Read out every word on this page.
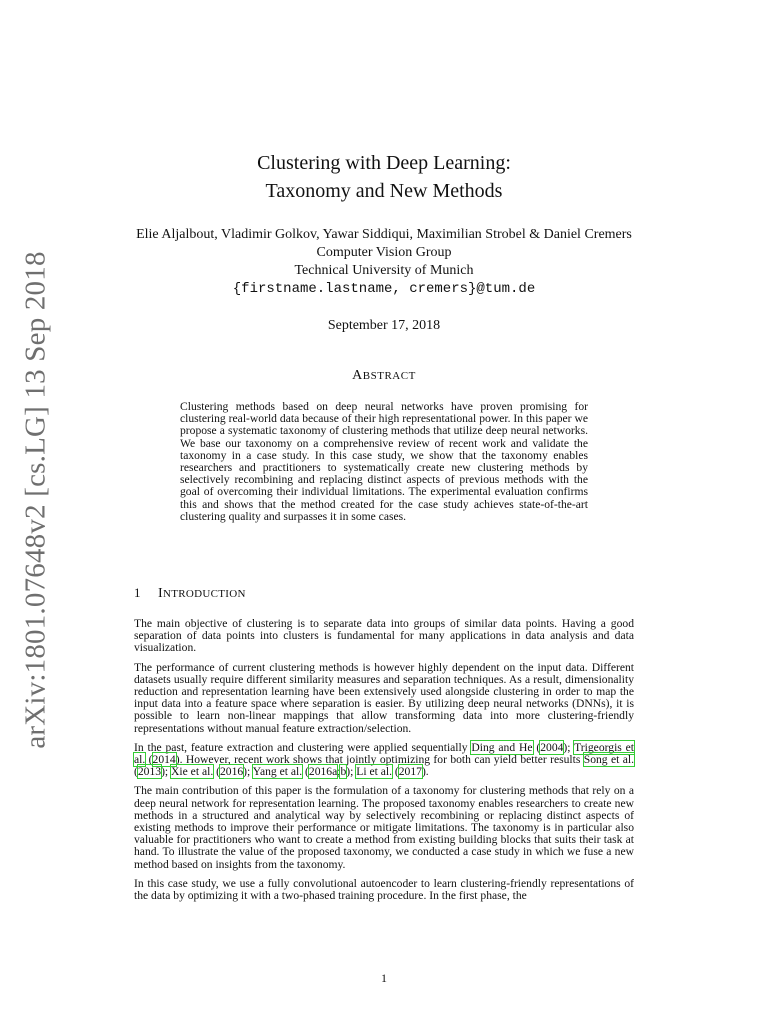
arXiv:1801.07648v2 [cs.LG] 13 Sep 2018
Clustering with Deep Learning:
Taxonomy and New Methods
Elie Aljalbout, Vladimir Golkov, Yawar Siddiqui, Maximilian Strobel & Daniel Cremers
Computer Vision Group
Technical University of Munich
{firstname.lastname, cremers}@tum.de
September 17, 2018
ABSTRACT
Clustering methods based on deep neural networks have proven promising for clustering real-world data because of their high representational power. In this paper we propose a systematic taxonomy of clustering methods that utilize deep neural networks. We base our taxonomy on a comprehensive review of recent work and validate the taxonomy in a case study. In this case study, we show that the taxonomy enables researchers and practitioners to systematically create new clustering methods by selectively recombining and replacing distinct aspects of previous methods with the goal of overcoming their individual limitations. The experimental evaluation confirms this and shows that the method created for the case study achieves state-of-the-art clustering quality and surpasses it in some cases.
1 INTRODUCTION

The main objective of clustering is to separate data into groups of similar data points. Having a good separation of data points into clusters is fundamental for many applications in data analysis and data visualization.

The performance of current clustering methods is however highly dependent on the input data. Different datasets usually require different similarity measures and separation techniques. As a result, dimensionality reduction and representation learning have been extensively used alongside clustering in order to map the input data into a feature space where separation is easier. By utilizing deep neural networks (DNNs), it is possible to learn non-linear mappings that allow transforming data into more clustering-friendly representations without manual feature extraction/selection.

In the past, feature extraction and clustering were applied sequentially Ding and He (2004); Trigeorgis et al. (2014). However, recent work shows that jointly optimizing for both can yield better results Song et al. (2013); Xie et al. (2016); Yang et al. (2016a;b); Li et al. (2017).

The main contribution of this paper is the formulation of a taxonomy for clustering methods that rely on a deep neural network for representation learning. The proposed taxonomy enables researchers to create new methods in a structured and analytical way by selectively recombining or replacing distinct aspects of existing methods to improve their performance or mitigate limitations. The taxonomy is in particular also valuable for practitioners who want to create a method from existing building blocks that suits their task at hand. To illustrate the value of the proposed taxonomy, we conducted a case study in which we fuse a new method based on insights from the taxonomy.

In this case study, we use a fully convolutional autoencoder to learn clustering-friendly representations of the data by optimizing it with a two-phased training procedure. In the first phase, the

1
